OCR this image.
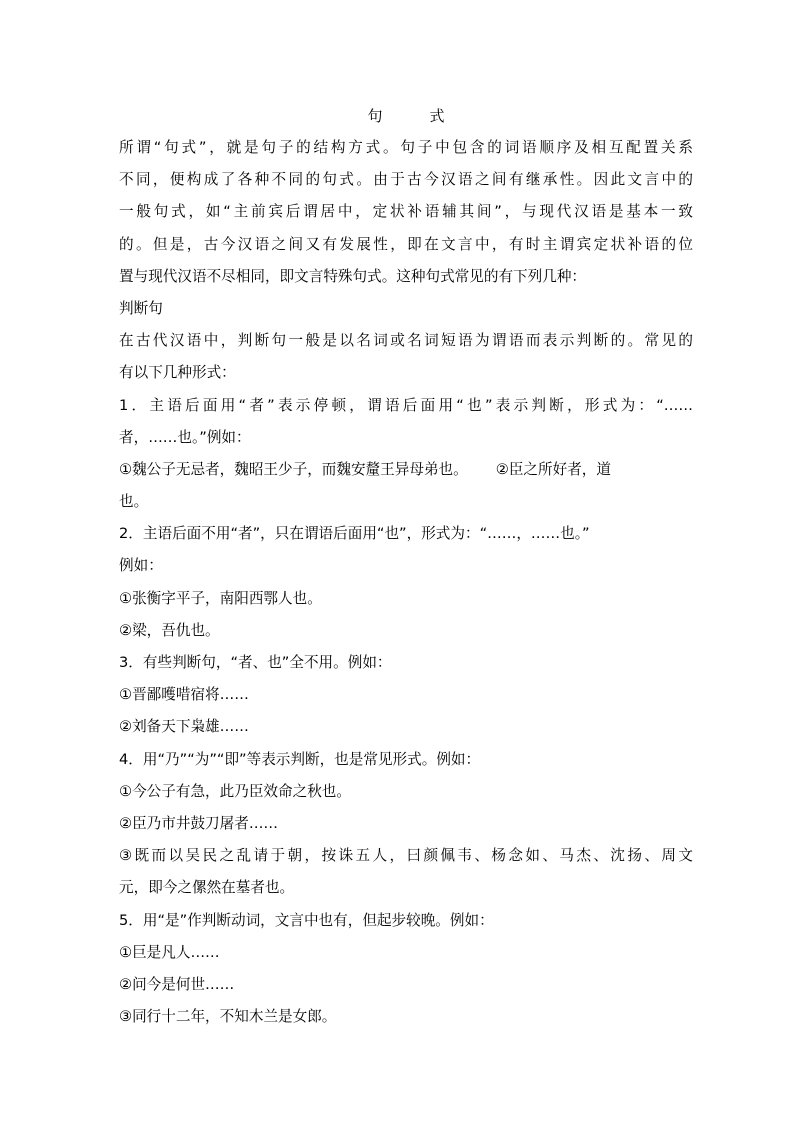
句　式

所谓“句式”，就是句子的结构方式。句子中包含的词语顺序及相互配置关系

不同，便构成了各种不同的句式。由于古今汉语之间有继承性。因此文言中的

一般句式，如“主前宾后谓居中，定状补语辅其间”，与现代汉语是基本一致

的。但是，古今汉语之间又有发展性，即在文言中，有时主谓宾定状补语的位

置与现代汉语不尽相同，即文言特殊句式。这种句式常见的有下列几种：

判断句

在古代汉语中，判断句一般是以名词或名词短语为谓语而表示判断的。常见的

有以下几种形式：

1．主语后面用“者”表示停顿，谓语后面用“也”表示判断，形式为：“……

者，……也。”例如：

①魏公子无忌者，魏昭王少子，而魏安釐王异母弟也。 ②臣之所好者，道

也。

2．主语后面不用“者”，只在谓语后面用“也”，形式为：“……，……也。”

例如：

①张衡字平子，南阳西鄂人也。

②梁，吾仇也。

3．有些判断句，“者、也”全不用。例如：

①晋鄙嚄唶宿将……

②刘备天下枭雄……

4．用“乃”“为”“即”等表示判断，也是常见形式。例如：

①今公子有急，此乃臣效命之秋也。

②臣乃市井鼓刀屠者……

③既而以吴民之乱请于朝，按诛五人，曰颜佩韦、杨念如、马杰、沈扬、周文

元，即今之傫然在墓者也。

5．用“是”作判断动词，文言中也有，但起步较晚。例如：

①巨是凡人……

②问今是何世……

③同行十二年，不知木兰是女郎。
